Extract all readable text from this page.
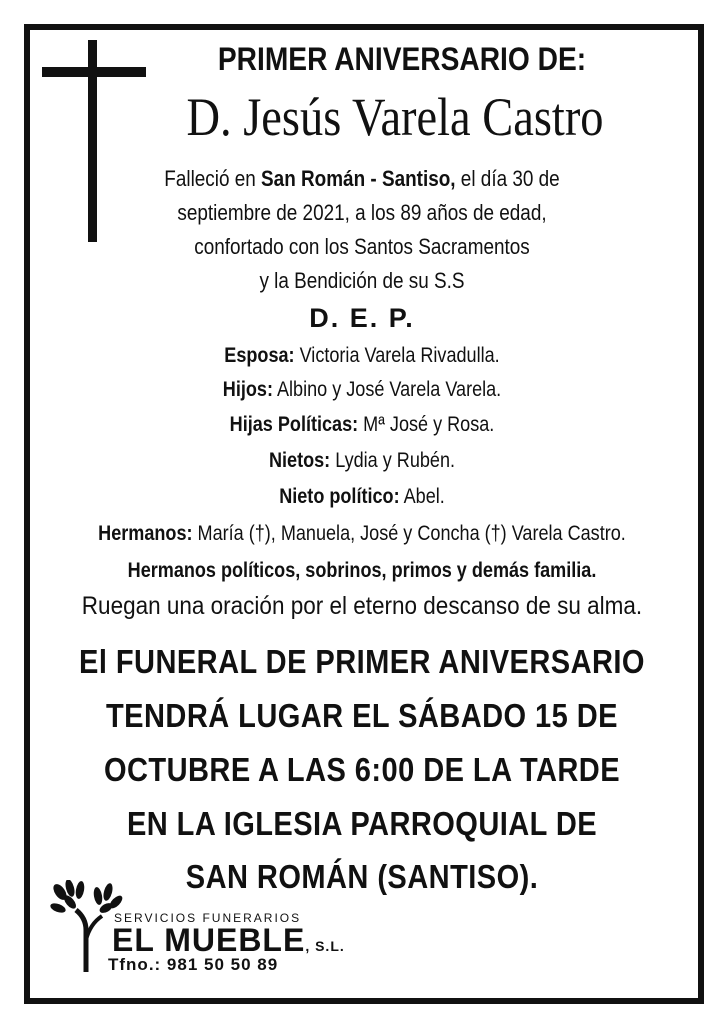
PRIMER ANIVERSARIO DE:
D. Jesús Varela Castro
Falleció en San Román - Santiso, el día 30 de
septiembre de 2021, a los 89 años de edad,
confortado con los Santos Sacramentos
y la Bendición de su S.S
D. E. P.
Esposa: Victoria Varela Rivadulla.
Hijos: Albino y José Varela Varela.
Hijas Políticas: Mª José y Rosa.
Nietos: Lydia y Rubén.
Nieto político: Abel.
Hermanos: María (†), Manuela, José y Concha (†) Varela Castro.
Hermanos políticos, sobrinos, primos y demás familia.
Ruegan una oración por el eterno descanso de su alma.
El FUNERAL DE PRIMER ANIVERSARIO
TENDRÁ LUGAR EL SÁBADO 15 DE
OCTUBRE A LAS 6:00 DE LA TARDE
EN LA IGLESIA PARROQUIAL DE
SAN ROMÁN (SANTISO).
SERVICIOS FUNERARIOS
EL MUEBLE, S.L.
Tfno.: 981 50 50 89
